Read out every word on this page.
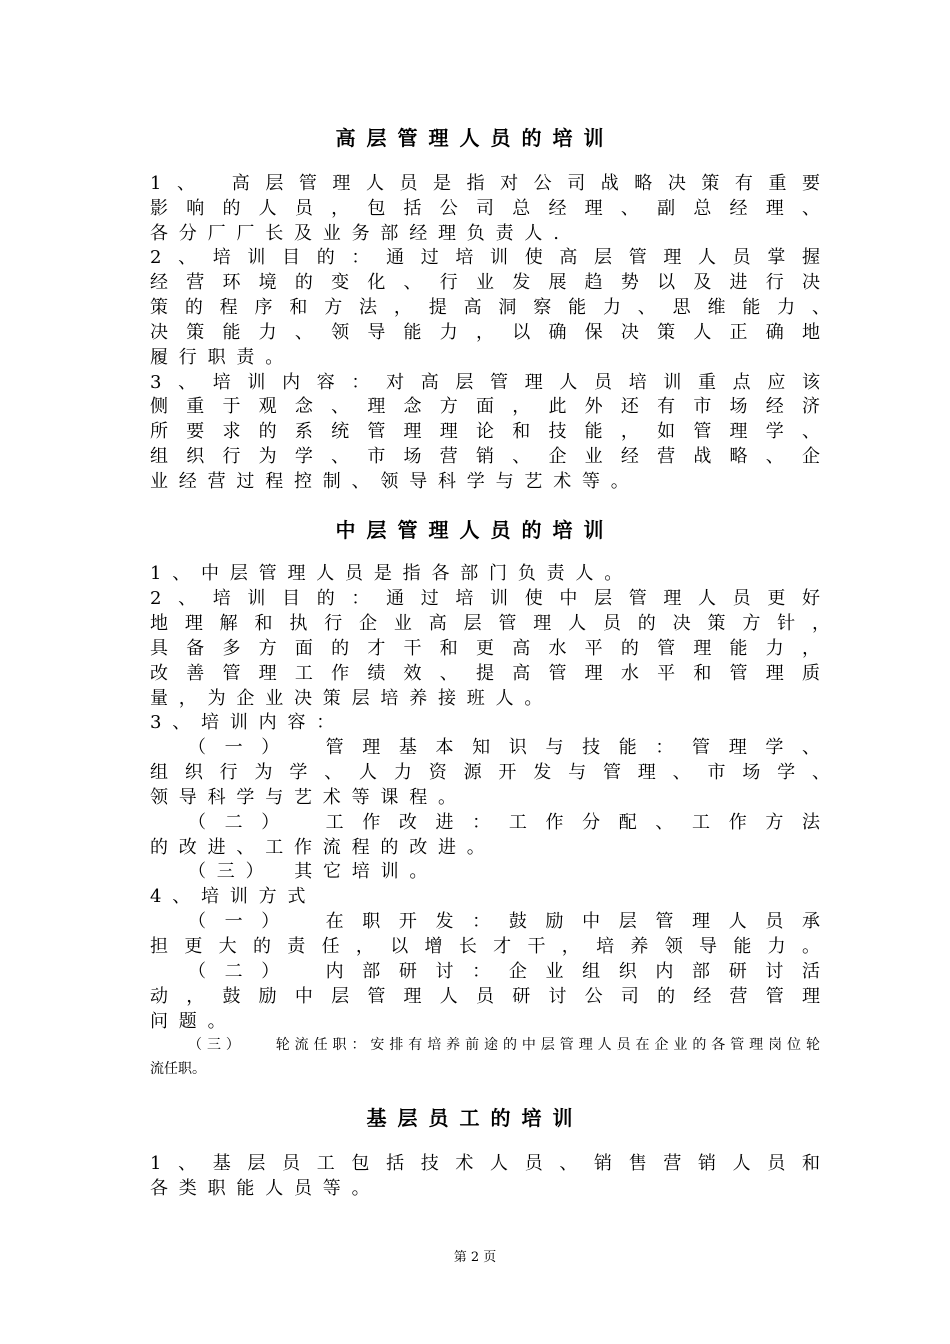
高层管理人员的培训
1、 高层管理人员是指对公司战略决策有重要
影响的人员，包括公司总经理、副总经理、
各分厂厂长及业务部经理负责人.
2、培训目的：通过培训使高层管理人员掌握
经营环境的变化、行业发展趋势以及进行决
策的程序和方法，提高洞察能力、思维能力、
决策能力、领导能力，以确保决策人正确地
履行职责。
3、培训内容：对高层管理人员培训重点应该
侧重于观念、理念方面，此外还有市场经济
所要求的系统管理理论和技能，如管理学、
组织行为学、市场营销、企业经营战略、企
业经营过程控制、领导科学与艺术等。
中层管理人员的培训
1、中层管理人员是指各部门负责人。
2、培训目的：通过培训使中层管理人员更好
地理解和执行企业高层管理人员的决策方针，
具备多方面的才干和更高水平的管理能力，
改善管理工作绩效、提高管理水平和管理质
量，为企业决策层培养接班人。
3、培训内容：
（一）　管理基本知识与技能：管理学、
组织行为学、人力资源开发与管理、市场学、
领导科学与艺术等课程。
（二）　工作改进：工作分配、工作方法
的改进、工作流程的改进。
（三）　其它培训。
4、培训方式
（一）　在职开发：鼓励中层管理人员承
担更大的责任，以增长才干，培养领导能力。
（二）　内部研讨：企业组织内部研讨活
动，鼓励中层管理人员研讨公司的经营管理
问题。
（三）　　轮流任职：安排有培养前途的中层管理人员在企业的各管理岗位轮
流任职。
基层员工的培训
1、基层员工包括技术人员、销售营销人员和
各类职能人员等。
第 2 页
